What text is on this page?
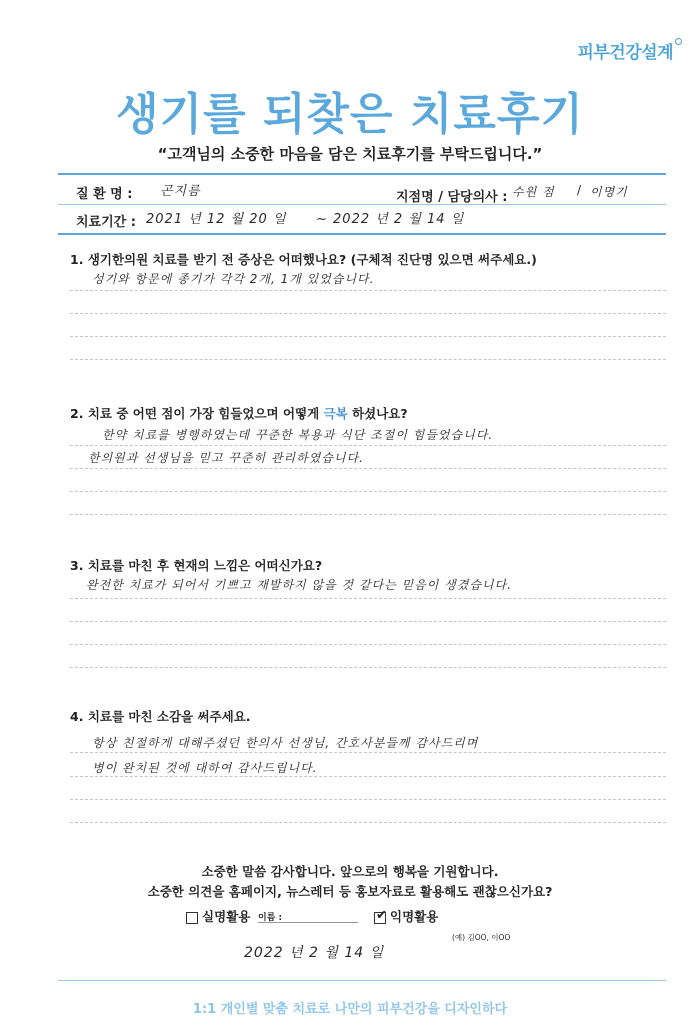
피부건강설계
생기를 되찾은 치료후기
“고객님의 소중한 마음을 담은 치료후기를 부탁드립니다.”
질 환 명 : 곤지름	지점명 / 담당의사 : 수원 점	이명기
/
치료기간 : 2021 년 12 월 20 일 ~ 2022 년 2 월 14 일
1. 생기한의원 치료를 받기 전 증상은 어떠했나요? (구체적 진단명 있으면 써주세요.)
성기와 항문에 종기가 각각 2개, 1개 있었습니다.
2. 치료 중 어떤 점이 가장 힘들었으며 어떻게 극복 하셨나요?
한약 치료를 병행하였는데 꾸준한 복용과 식단 조절이 힘들었습니다.
한의원과 선생님을 믿고 꾸준히 관리하였습니다.
3. 치료를 마친 후 현재의 느낌은 어떠신가요?
완전한 치료가 되어서 기쁘고 재발하지 않을 것 같다는 믿음이 생겼습니다.
4. 치료를 마친 소감을 써주세요.
항상 친절하게 대해주셨던 한의사 선생님, 간호사분들께 감사드리며
병이 완치된 것에 대하여 감사드립니다.
소중한 말씀 감사합니다. 앞으로의 행복을 기원합니다.
소중한 의견을 홈페이지, 뉴스레터 등 홍보자료로 활용해도 괜찮으신가요?
실명활용 이름 :	✔ 익명활용
(예) 김OO, 이OO
2022 년 2 월 14 일
1:1 개인별 맞춤 치료로 나만의 피부건강을 디자인하다
